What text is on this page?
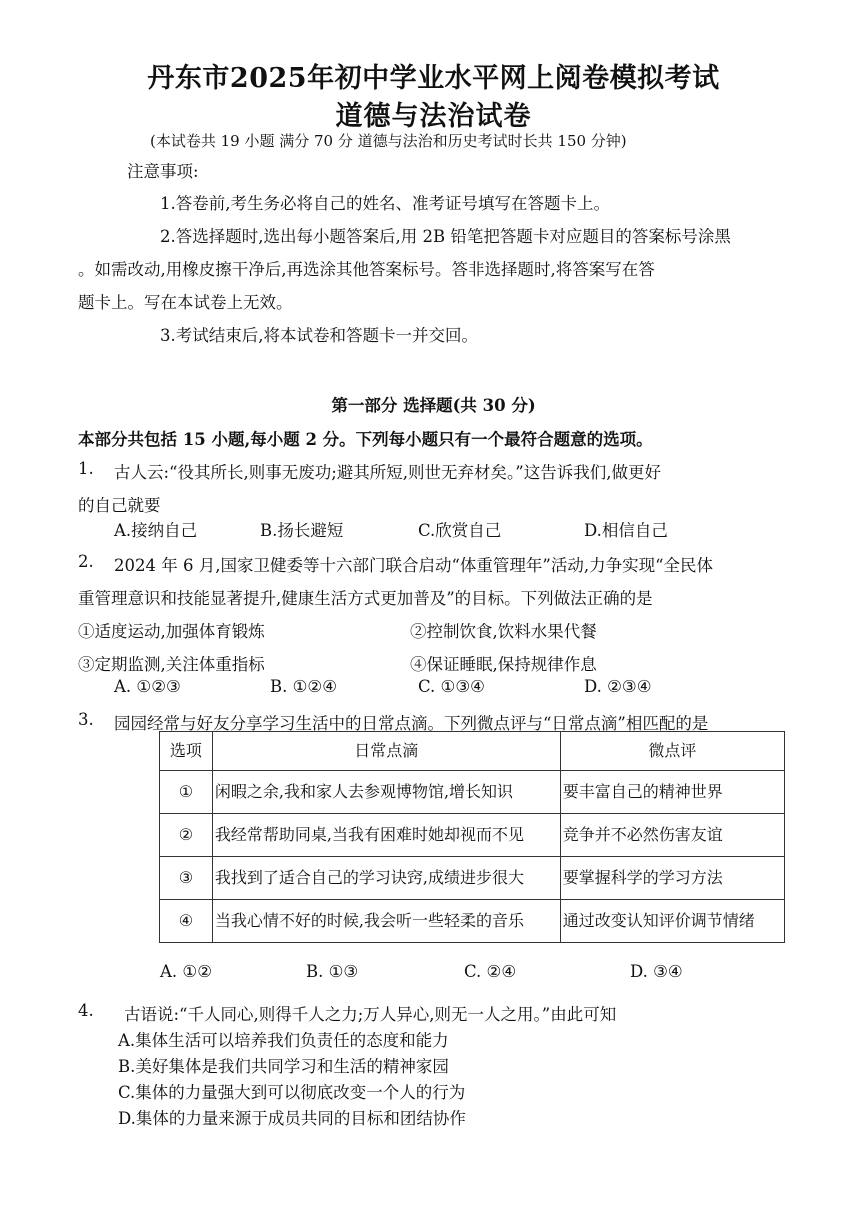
丹东市2025年初中学业水平网上阅卷模拟考试
道德与法治试卷
(本试卷共 19 小题 满分 70 分 道德与法治和历史考试时长共 150 分钟)
注意事项:
1.答卷前,考生务必将自己的姓名、准考证号填写在答题卡上。
2.答选择题时,选出每小题答案后,用 2B 铅笔把答题卡对应题目的答案标号涂黑
。如需改动,用橡皮擦干净后,再选涂其他答案标号。答非选择题时,将答案写在答
题卡上。写在本试卷上无效。
3.考试结束后,将本试卷和答题卡一并交回。
第一部分 选择题(共 30 分)
本部分共包括 15 小题,每小题 2 分。下列每小题只有一个最符合题意的选项。
1. 古人云:“役其所长,则事无废功;避其所短,则世无弃材矣。”这告诉我们,做更好
的自己就要
A.接纳自己	B.扬长避短	C.欣赏自己	D.相信自己
2. 2024 年 6 月,国家卫健委等十六部门联合启动“体重管理年”活动,力争实现“全民体
重管理意识和技能显著提升,健康生活方式更加普及”的目标。下列做法正确的是
①适度运动,加强体育锻炼	②控制饮食,饮料水果代餐
③定期监测,关注体重指标	④保证睡眠,保持规律作息
A. ①②③	B. ①②④	C. ①③④	D. ②③④
3. 园园经常与好友分享学习生活中的日常点滴。下列微点评与“日常点滴”相匹配的是
选项	日常点滴	微点评
①	闲暇之余,我和家人去参观博物馆,增长知识	要丰富自己的精神世界
②	我经常帮助同桌,当我有困难时她却视而不见	竞争并不必然伤害友谊
③	我找到了适合自己的学习诀窍,成绩进步很大	要掌握科学的学习方法
④	当我心情不好的时候,我会听一些轻柔的音乐	通过改变认知评价调节情绪
A. ①②	B. ①③	C. ②④	D. ③④
4. 古语说:“千人同心,则得千人之力;万人异心,则无一人之用。”由此可知
A.集体生活可以培养我们负责任的态度和能力
B.美好集体是我们共同学习和生活的精神家园
C.集体的力量强大到可以彻底改变一个人的行为
D.集体的力量来源于成员共同的目标和团结协作
